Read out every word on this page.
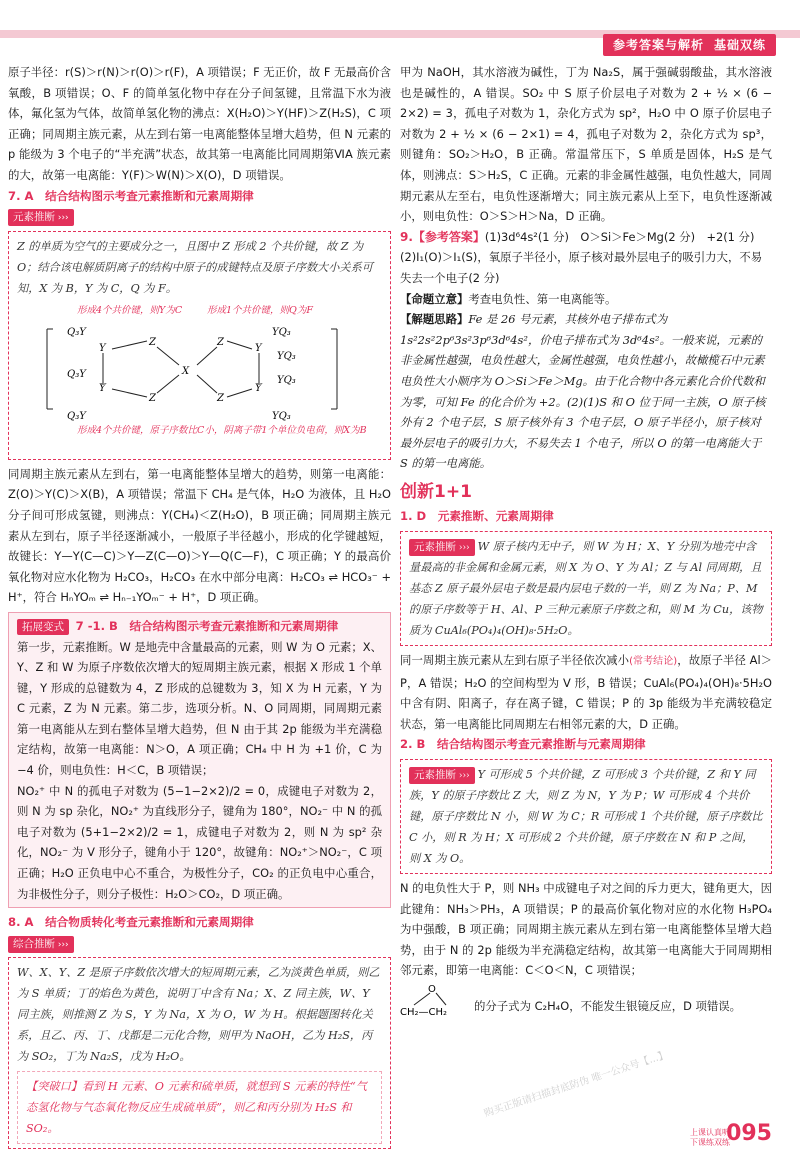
参考答案与解析 基础双练

原子半径：r(S)＞r(N)＞r(O)＞r(F)，A 项错误；F 无正价，故 F 无最高价含氧酸，B 项错误；O、F 的简单氢化物中存在分子间氢键，且常温下水为液体，氟化氢为气体，故简单氢化物的沸点：X(H₂O)＞Y(HF)＞Z(H₂S)，C 项正确；同周期主族元素，从左到右第一电离能整体呈增大趋势，但 N 元素的 p 能级为 3 个电子的“半充满”状态，故其第一电离能比同周期第ⅥA 族元素的大，故第一电离能：Y(F)＞W(N)＞X(O)，D 项错误。

7. A　结合结构图示考查元素推断和元素周期律
元素推断 ›››
Z 的单质为空气的主要成分之一，且图中 Z 形成 2 个共价键，故 Z 为 O；结合该电解质阴离子的结构中原子的成键特点及原子序数大小关系可知，X 为 B，Y 为 C，Q 为 F。
形成4个共价键，则Y为C	形成1个共价键，则Q为F
Q₃Y
Y
Z	Z
YQ₃
Y
YQ₃
Q₃Y
Y
Z
X
Z
Y
YQ₃
Q₃Y	YQ₃
形成4个共价键，原子序数比C小，阴离子带1个单位负电荷，则X为B

同周期主族元素从左到右，第一电离能整体呈增大的趋势，则第一电离能：Z(O)＞Y(C)＞X(B)，A 项错误；常温下 CH₄ 是气体，H₂O 为液体，且 H₂O 分子间可形成氢键，则沸点：Y(CH₄)＜Z(H₂O)，B 项正确；同周期主族元素从左到右，原子半径逐渐减小，一般原子半径越小，形成的化学键越短，故键长：Y—Y(C—C)＞Y—Z(C—O)＞Y—Q(C—F)，C 项正确；Y 的最高价氧化物对应水化物为 H₂CO₃，H₂CO₃ 在水中部分电离：H₂CO₃ ⇌ HCO₃⁻ + H⁺，符合 HₙYOₘ ⇌ Hₙ₋₁YOₘ⁻ + H⁺，D 项正确。

拓展变式 7 -1. B　结合结构图示考查元素推断和元素周期律

第一步，元素推断。W 是地壳中含量最高的元素，则 W 为 O 元素；X、Y、Z 和 W 为原子序数依次增大的短周期主族元素，根据 X 形成 1 个单键，Y 形成的总键数为 4，Z 形成的总键数为 3，知 X 为 H 元素，Y 为 C 元素，Z 为 N 元素。第二步，选项分析。N、O 同周期，同周期元素第一电离能从左到右整体呈增大趋势，但 N 由于其 2p 能级为半充满稳定结构，故第一电离能：N＞O，A 项正确；CH₄ 中 H 为 +1 价，C 为 −4 价，则电负性：H＜C，B 项错误；

NO₂⁺ 中 N 的孤电子对数为 (5−1−2×2)/2 = 0，成键电子对数为 2，则 N 为 sp 杂化，NO₂⁺ 为直线形分子，键角为 180°，NO₂⁻ 中 N 的孤电子对数为 (5+1−2×2)/2 = 1，成键电子对数为 2，则 N 为 sp² 杂化，NO₂⁻ 为 V 形分子，键角小于 120°，故键角：NO₂⁺＞NO₂⁻，C 项正确；H₂O 正负电中心不重合，为极性分子，CO₂ 的正负电中心重合，为非极性分子，则分子极性：H₂O＞CO₂，D 项正确。

8. A　结合物质转化考查元素推断和元素周期律
综合推断 ›››
W、X、Y、Z 是原子序数依次增大的短周期元素，乙为淡黄色单质，则乙为 S 单质；丁的焰色为黄色，说明丁中含有 Na；X、Z 同主族，W、Y 同主族，则推测 Z 为 S，Y 为 Na，X 为 O，W 为 H。根据题图转化关系，且乙、丙、丁、戊都是二元化合物，则甲为 NaOH，乙为 H₂S，丙为 SO₂，丁为 Na₂S，戊为 H₂O。
【突破口】看到 H 元素、O 元素和硫单质，就想到 S 元素的特性“气态氢化物与气态氧化物反应生成硫单质”，则乙和丙分别为 H₂S 和 SO₂。

甲为 NaOH，其水溶液为碱性，丁为 Na₂S，属于强碱弱酸盐，其水溶液也是碱性的，A 错误。SO₂ 中 S 原子价层电子对数为 2 + ½ × (6 − 2×2) = 3，孤电子对数为 1，杂化方式为 sp²，H₂O 中 O 原子价层电子对数为 2 + ½ × (6 − 2×1) = 4，孤电子对数为 2，杂化方式为 sp³，则键角：SO₂＞H₂O，B 正确。常温常压下，S 单质是固体，H₂S 是气体，则沸点：S＞H₂S，C 正确。元素的非金属性越强，电负性越大，同周期元素从左至右，电负性逐渐增大；同主族元素从上至下，电负性逐渐减小，则电负性：O＞S＞H＞Na，D 正确。

9.【参考答案】(1)3d⁶4s²(1 分)　O＞Si＞Fe＞Mg(2 分)　+2(1 分)　(2)I₁(O)＞I₁(S)，氧原子半径小，原子核对最外层电子的吸引力大，不易失去一个电子(2 分)
【命题立意】考查电负性、第一电离能等。
【解题思路】Fe 是 26 号元素，其核外电子排布式为 1s²2s²2p⁶3s²3p⁶3d⁶4s²，价电子排布式为 3d⁶4s²。一般来说，元素的非金属性越强，电负性越大，金属性越强，电负性越小，故橄榄石中元素电负性大小顺序为 O＞Si＞Fe＞Mg。由于化合物中各元素化合价代数和为零，可知 Fe 的化合价为 +2。(2)(1)S 和 O 位于同一主族，O 原子核外有 2 个电子层，S 原子核外有 3 个电子层，O 原子半径小，原子核对最外层电子的吸引力大，不易失去 1 个电子，所以 O 的第一电离能大于 S 的第一电离能。
创新1+1
1. D　元素推断、元素周期律
元素推断 ››› W 原子核内无中子，则 W 为 H；X、Y 分别为地壳中含量最高的非金属和金属元素，则 X 为 O、Y 为 Al；Z 与 Al 同周期，且基态 Z 原子最外层电子数是最内层电子数的一半，则 Z 为 Na；P、M 的原子序数等于 H、Al、P 三种元素原子序数之和，则 M 为 Cu，该物质为 CuAl₆(PO₄)₄(OH)₈·5H₂O。

同一周期主族元素从左到右原子半径依次减小(常考结论)，故原子半径 Al＞P，A 错误；H₂O 的空间构型为 V 形，B 错误；CuAl₆(PO₄)₄(OH)₈·5H₂O 中含有阴、阳离子，存在离子键，C 错误；P 的 3p 能级为半充满较稳定状态，第一电离能比同周期左右相邻元素的大，D 正确。

2. B　结合结构图示考查元素推断与元素周期律
元素推断 ››› Y 可形成 5 个共价键，Z 可形成 3 个共价键，Z 和 Y 同族，Y 的原子序数比 Z 大，则 Z 为 N，Y 为 P；W 可形成 4 个共价键，原子序数比 N 小，则 W 为 C；R 可形成 1 个共价键，原子序数比 C 小，则 R 为 H；X 可形成 2 个共价键，原子序数在 N 和 P 之间，则 X 为 O。

N 的电负性大于 P，则 NH₃ 中成键电子对之间的斥力更大，键角更大，因此键角：NH₃＞PH₃，A 项错误；P 的最高价氧化物对应的水化物 H₃PO₄ 为中强酸，B 项正确；同周期主族元素从左到右第一电离能整体呈增大趋势，由于 N 的 2p 能级为半充满稳定结构，故其第一电离能大于同周期相邻元素，即第一电离能：C＜O＜N，C 项错误；

O
CH₂—CH₂ 的分子式为 C₂H₄O，不能发生银镜反应，D 项错误。
购买正版请扫描封底防伪 唯一公众号【...】
上课认真听
下课练双练
095
